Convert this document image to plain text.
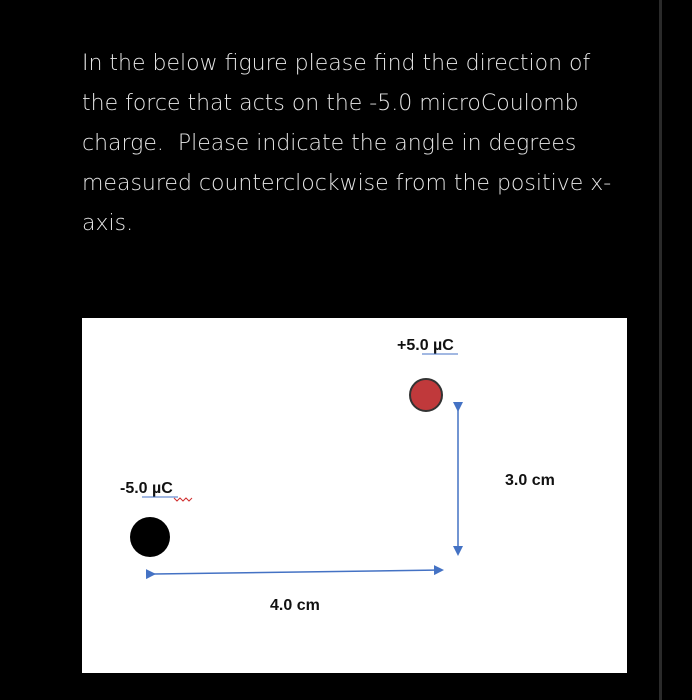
In the below figure please find the direction of the force that acts on the -5.0 microCoulomb charge.  Please indicate the angle in degrees measured counterclockwise from the positive x-axis.

+5.0 µC
3.0 cm
-5.0 µC
4.0 cm
